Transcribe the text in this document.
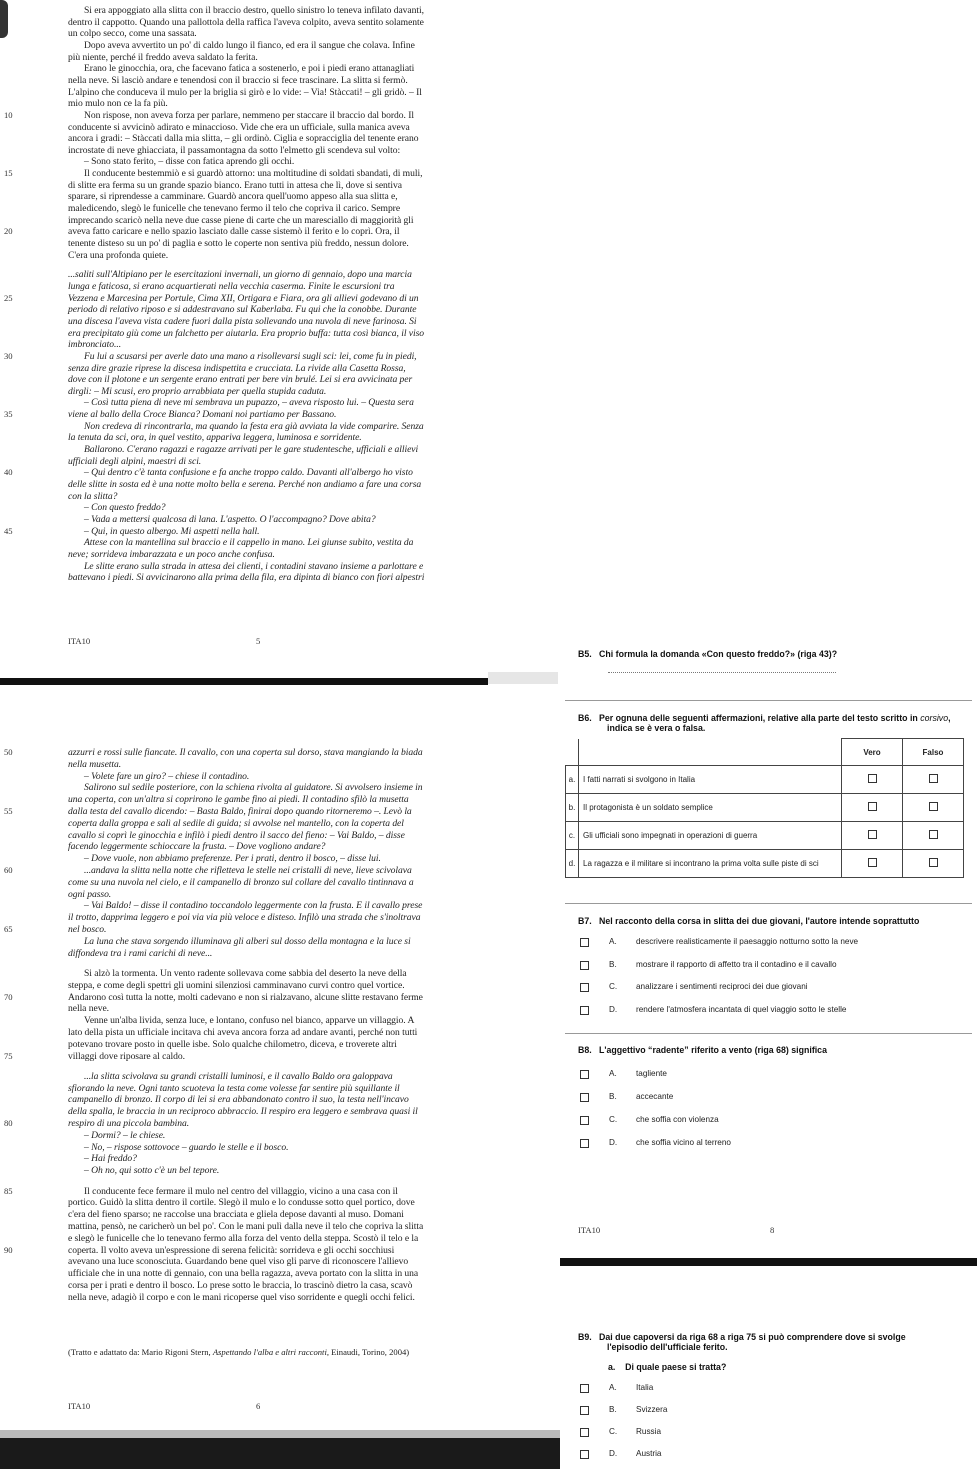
Si era appoggiato alla slitta con il braccio destro, quello sinistro lo teneva infilato davanti,
dentro il cappotto. Quando una pallottola della raffica l'aveva colpito, aveva sentito solamente
un colpo secco, come una sassata.
Dopo aveva avvertito un po' di caldo lungo il fianco, ed era il sangue che colava. Infine
più niente, perché il freddo aveva saldato la ferita.
Erano le ginocchia, ora, che facevano fatica a sostenerlo, e poi i piedi erano attanagliati
nella neve. Si lasciò andare e tenendosi con il braccio si fece trascinare. La slitta si fermò.
L'alpino che conduceva il mulo per la briglia si girò e lo vide: – Via! Stàccati! – gli gridò. – Il
mio mulo non ce la fa più.
10	Non rispose, non aveva forza per parlare, nemmeno per staccare il braccio dal bordo. Il
conducente si avvicinò adirato e minaccioso. Vide che era un ufficiale, sulla manica aveva
ancora i gradi: – Stàccati dalla mia slitta, – gli ordinò. Ciglia e sopracciglia del tenente erano
incrostate di neve ghiacciata, il passamontagna da sotto l'elmetto gli scendeva sul volto:
– Sono stato ferito, – disse con fatica aprendo gli occhi.
15	Il conducente bestemmiò e si guardò attorno: una moltitudine di soldati sbandati, di muli,
di slitte era ferma su un grande spazio bianco. Erano tutti in attesa che lì, dove si sentiva
sparare, si riprendesse a camminare. Guardò ancora quell'uomo appeso alla sua slitta e,
maledicendo, slegò le funicelle che tenevano fermo il telo che copriva il carico. Sempre
imprecando scaricò nella neve due casse piene di carte che un maresciallo di maggiorità gli
20	aveva fatto caricare e nello spazio lasciato dalle casse sistemò il ferito e lo coprì. Ora, il
tenente disteso su un po' di paglia e sotto le coperte non sentiva più freddo, nessun dolore.
C'era una profonda quiete.
...saliti sull'Altipiano per le esercitazioni invernali, un giorno di gennaio, dopo una marcia
lunga e faticosa, si erano acquartierati nella vecchia caserma. Finite le escursioni tra
25	Vezzena e Marcesina per Portule, Cima XII, Ortigara e Fiara, ora gli allievi godevano di un
periodo di relativo riposo e si addestravano sul Kaberlaba. Fu qui che la conobbe. Durante
una discesa l'aveva vista cadere fuori dalla pista sollevando una nuvola di neve farinosa. Si
era precipitato giù come un falchetto per aiutarla. Era proprio buffa: tutta così bianca, il viso
imbronciato...
30	Fu lui a scusarsi per averle dato una mano a risollevarsi sugli sci: lei, come fu in piedi,
senza dire grazie riprese la discesa indispettita e crucciata. La rivide alla Casetta Rossa,
dove con il plotone e un sergente erano entrati per bere vin brulé. Lei si era avvicinata per
dirgli: – Mi scusi, ero proprio arrabbiata per quella stupida caduta.
– Così tutta piena di neve mi sembrava un pupazzo, – aveva risposto lui. – Questa sera
35	viene al ballo della Croce Bianca? Domani noi partiamo per Bassano.
Non credeva di rincontrarla, ma quando la festa era già avviata la vide comparire. Senza
la tenuta da sci, ora, in quel vestito, appariva leggera, luminosa e sorridente.
Ballarono. C'erano ragazzi e ragazze arrivati per le gare studentesche, ufficiali e allievi
ufficiali degli alpini, maestri di sci.
40	– Qui dentro c'è tanta confusione e fa anche troppo caldo. Davanti all'albergo ho visto
delle slitte in sosta ed è una notte molto bella e serena. Perché non andiamo a fare una corsa
con la slitta?
– Con questo freddo?
– Vada a mettersi qualcosa di lana. L'aspetto. O l'accompagno? Dove abita?
45	– Qui, in questo albergo. Mi aspetti nella hall.
Attese con la mantellina sul braccio e il cappello in mano. Lei giunse subito, vestita da
neve; sorrideva imbarazzata e un poco anche confusa.
Le slitte erano sulla strada in attesa dei clienti, i contadini stavano insieme a parlottare e
battevano i piedi. Si avvicinarono alla prima della fila, era dipinta di bianco con fiori alpestri
ITA10	5
50	azzurri e rossi sulle fiancate. Il cavallo, con una coperta sul dorso, stava mangiando la biada
nella musetta.
– Volete fare un giro? – chiese il contadino.
Salirono sul sedile posteriore, con la schiena rivolta al guidatore. Si avvolsero insieme in
una coperta, con un'altra si coprirono le gambe fino ai piedi. Il contadino sfilò la musetta
55	dalla testa del cavallo dicendo: – Basta Baldo, finirai dopo quando ritorneremo –. Levò la
coperta dalla groppa e salì al sedile di guida; si avvolse nel mantello, con la coperta del
cavallo si coprì le ginocchia e infilò i piedi dentro il sacco del fieno: – Vai Baldo, – disse
facendo leggermente schioccare la frusta. – Dove vogliono andare?
– Dove vuole, non abbiamo preferenze. Per i prati, dentro il bosco, – disse lui.
60	...andava la slitta nella notte che rifletteva le stelle nei cristalli di neve, lieve scivolava
come su una nuvola nel cielo, e il campanello di bronzo sul collare del cavallo tintinnava a
ogni passo.
– Vai Baldo! – disse il contadino toccandolo leggermente con la frusta. E il cavallo prese
il trotto, dapprima leggero e poi via via più veloce e disteso. Infilò una strada che s'inoltrava
65	nel bosco.
La luna che stava sorgendo illuminava gli alberi sul dosso della montagna e la luce si
diffondeva tra i rami carichi di neve...
Si alzò la tormenta. Un vento radente sollevava come sabbia del deserto la neve della
steppa, e come degli spettri gli uomini silenziosi camminavano curvi contro quel vortice.
70	Andarono così tutta la notte, molti cadevano e non si rialzavano, alcune slitte restavano ferme
nella neve.
Venne un'alba livida, senza luce, e lontano, confuso nel bianco, apparve un villaggio. A
lato della pista un ufficiale incitava chi aveva ancora forza ad andare avanti, perché non tutti
potevano trovare posto in quelle isbe. Solo qualche chilometro, diceva, e troverete altri
75	villaggi dove riposare al caldo.
...la slitta scivolava su grandi cristalli luminosi, e il cavallo Baldo ora galoppava
sfiorando la neve. Ogni tanto scuoteva la testa come volesse far sentire più squillante il
campanello di bronzo. Il corpo di lei si era abbandonato contro il suo, la testa nell'incavo
della spalla, le braccia in un reciproco abbraccio. Il respiro era leggero e sembrava quasi il
80	respiro di una piccola bambina.
– Dormi? – le chiese.
– No, – rispose sottovoce – guardo le stelle e il bosco.
– Hai freddo?
– Oh no, qui sotto c'è un bel tepore.
85	Il conducente fece fermare il mulo nel centro del villaggio, vicino a una casa con il
portico. Guidò la slitta dentro il cortile. Slegò il mulo e lo condusse sotto quel portico, dove
c'era del fieno sparso; ne raccolse una bracciata e gliela depose davanti al muso. Domani
mattina, pensò, ne caricherò un bel po'. Con le mani pulì dalla neve il telo che copriva la slitta
e slegò le funicelle che lo tenevano fermo alla forza del vento della steppa. Scostò il telo e la
90	coperta. Il volto aveva un'espressione di serena felicità: sorrideva e gli occhi socchiusi
avevano una luce sconosciuta. Guardando bene quel viso gli parve di riconoscere l'allievo
ufficiale che in una notte di gennaio, con una bella ragazza, aveva portato con la slitta in una
corsa per i prati e dentro il bosco. Lo prese sotto le braccia, lo trascinò dietro la casa, scavò
nella neve, adagiò il corpo e con le mani ricoperse quel viso sorridente e quegli occhi felici.
(Tratto e adattato da: Mario Rigoni Stern, Aspettando l'alba e altri racconti, Einaudi, Torino, 2004)
ITA10	6
B5. Chi formula la domanda «Con questo freddo?» (riga 43)?
B6. Per ognuna delle seguenti affermazioni, relative alla parte del testo scritto in corsivo,
indica se è vera o falsa.
		Vero	Falso
a.	I fatti narrati si svolgono in Italia		
b.	Il protagonista è un soldato semplice		
c.	Gli ufficiali sono impegnati in operazioni di guerra		
d.	La ragazza e il militare si incontrano la prima volta sulle piste di sci		
B7. Nel racconto della corsa in slitta dei due giovani, l'autore intende soprattutto
A. descrivere realisticamente il paesaggio notturno sotto la neve
B. mostrare il rapporto di affetto tra il contadino e il cavallo
C. analizzare i sentimenti reciproci dei due giovani
D. rendere l'atmosfera incantata di quel viaggio sotto le stelle
B8. L'aggettivo “radente” riferito a vento (riga 68) significa
A. tagliente
B. accecante
C. che soffia con violenza
D. che soffia vicino al terreno
ITA10	8
B9. Dai due capoversi da riga 68 a riga 75 si può comprendere dove si svolge
l'episodio dell'ufficiale ferito.
a. Di quale paese si tratta?
A. Italia
B. Svizzera
C. Russia
D. Austria
